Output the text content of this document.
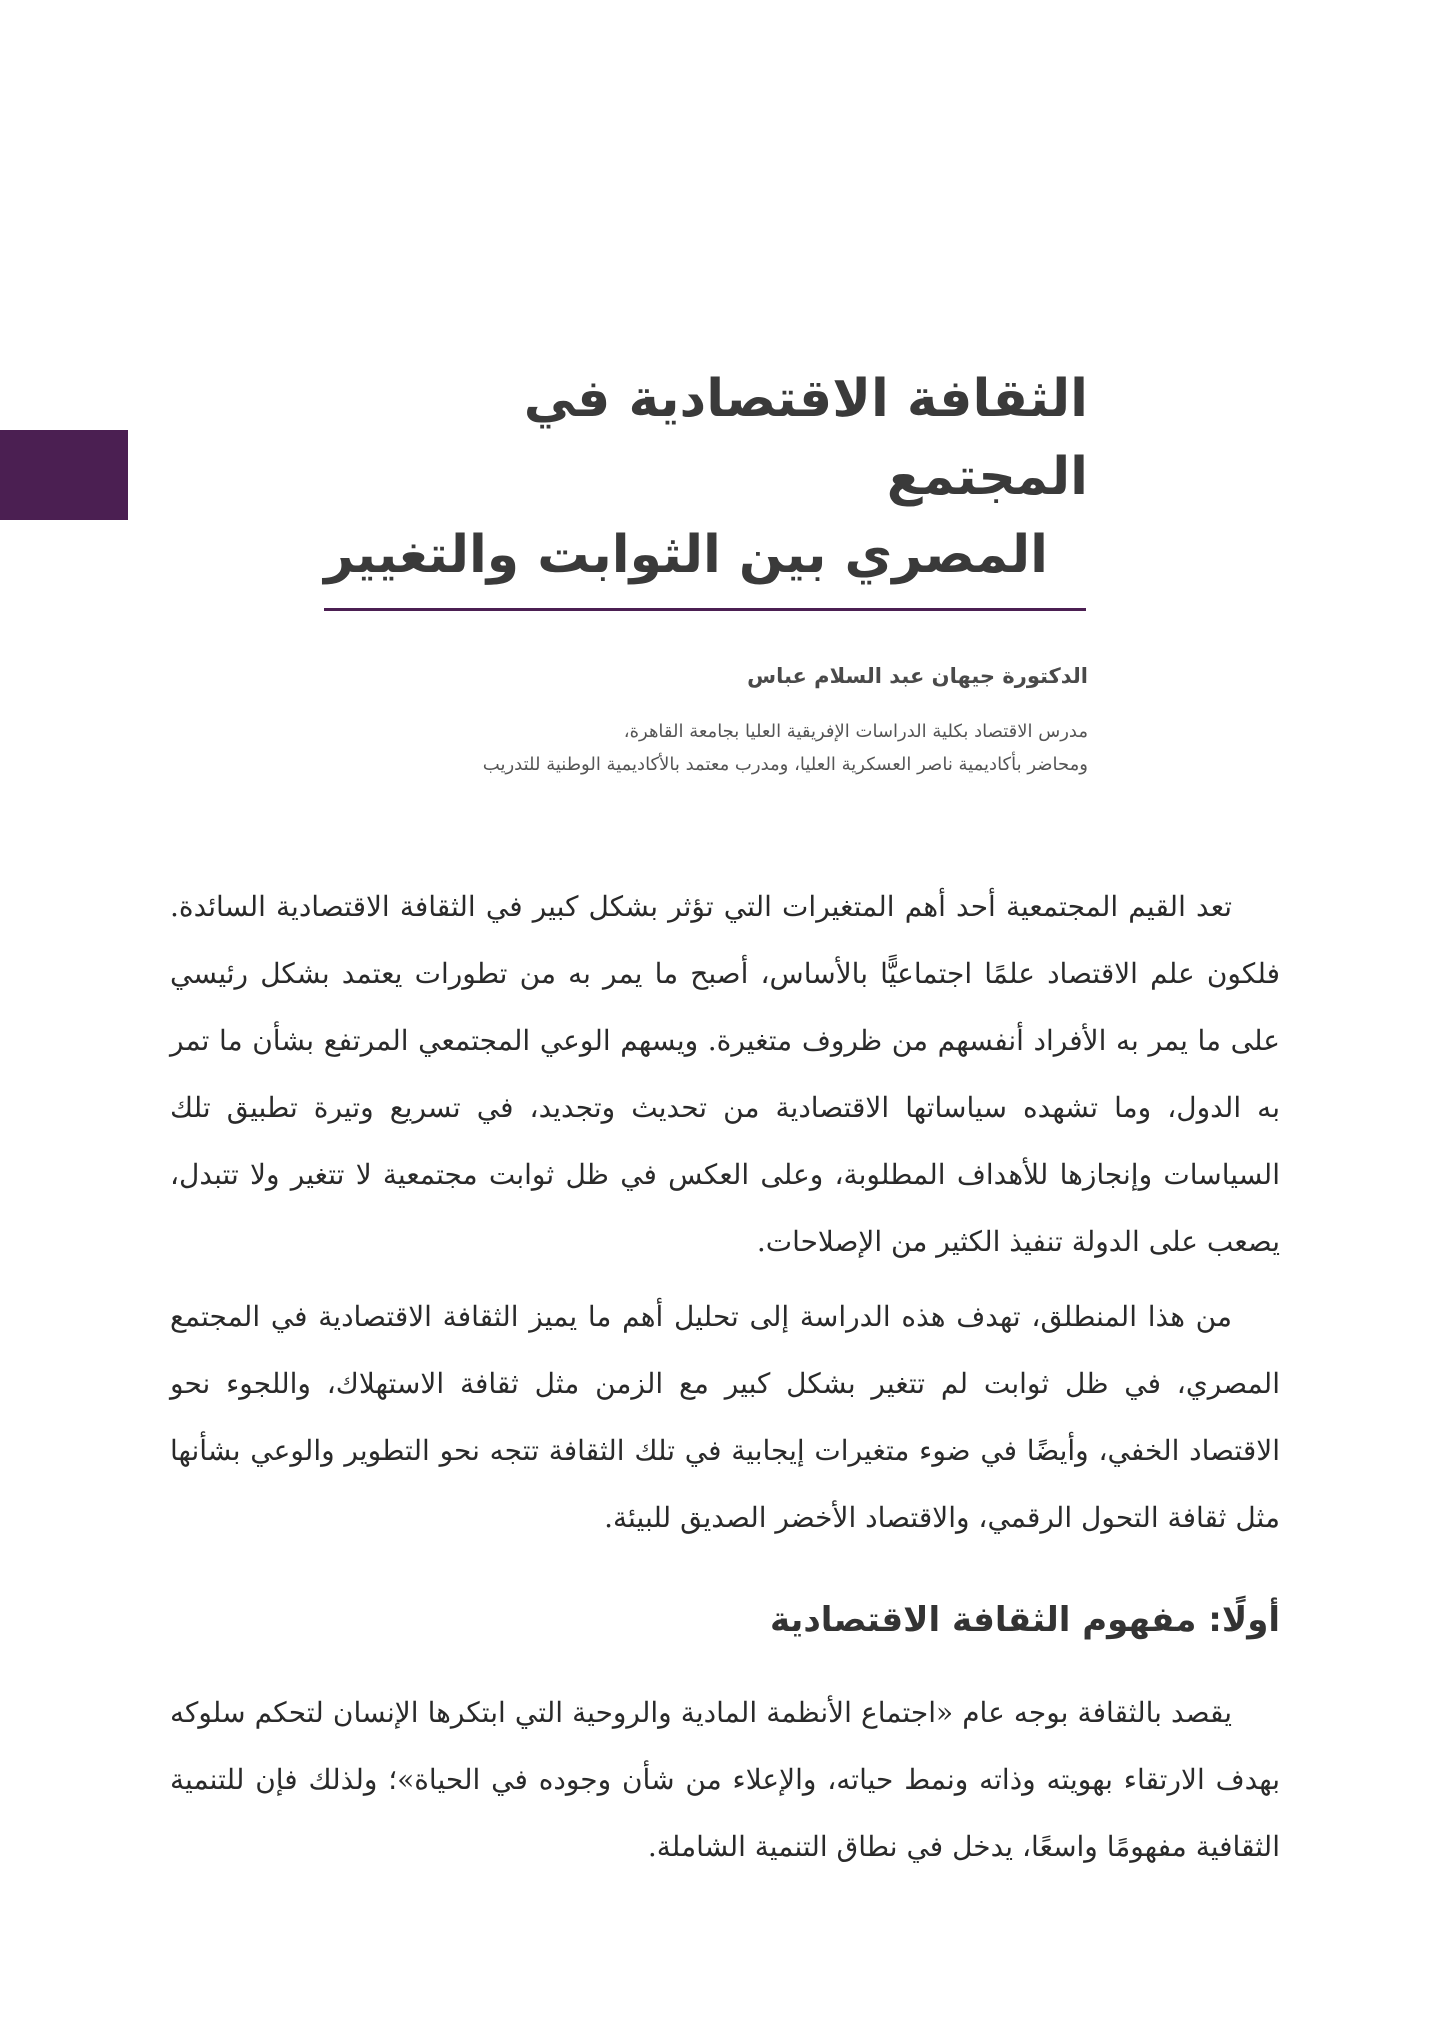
الثقافة الاقتصادية في المجتمع
المصري بين الثوابت والتغيير
الدكتورة جيهان عبد السلام عباس
مدرس الاقتصاد بكلية الدراسات الإفريقية العليا بجامعة القاهرة،
ومحاضر بأكاديمية ناصر العسكرية العليا، ومدرب معتمد بالأكاديمية الوطنية للتدريب

تعد القيم المجتمعية أحد أهم المتغيرات التي تؤثر بشكل كبير في الثقافة الاقتصادية السائدة. فلكون علم الاقتصاد علمًا اجتماعيًّا بالأساس، أصبح ما يمر به من تطورات يعتمد بشكل رئيسي على ما يمر به الأفراد أنفسهم من ظروف متغيرة. ويسهم الوعي المجتمعي المرتفع بشأن ما تمر به الدول، وما تشهده سياساتها الاقتصادية من تحديث وتجديد، في تسريع وتيرة تطبيق تلك السياسات وإنجازها للأهداف المطلوبة، وعلى العكس في ظل ثوابت مجتمعية لا تتغير ولا تتبدل، يصعب على الدولة تنفيذ الكثير من الإصلاحات.

من هذا المنطلق، تهدف هذه الدراسة إلى تحليل أهم ما يميز الثقافة الاقتصادية في المجتمع المصري، في ظل ثوابت لم تتغير بشكل كبير مع الزمن مثل ثقافة الاستهلاك، واللجوء نحو الاقتصاد الخفي، وأيضًا في ضوء متغيرات إيجابية في تلك الثقافة تتجه نحو التطوير والوعي بشأنها مثل ثقافة التحول الرقمي، والاقتصاد الأخضر الصديق للبيئة.

أولًا: مفهوم الثقافة الاقتصادية

يقصد بالثقافة بوجه عام «اجتماع الأنظمة المادية والروحية التي ابتكرها الإنسان لتحكم سلوكه بهدف الارتقاء بهويته وذاته ونمط حياته، والإعلاء من شأن وجوده في الحياة»؛ ولذلك فإن للتنمية الثقافية مفهومًا واسعًا، يدخل في نطاق التنمية الشاملة.
